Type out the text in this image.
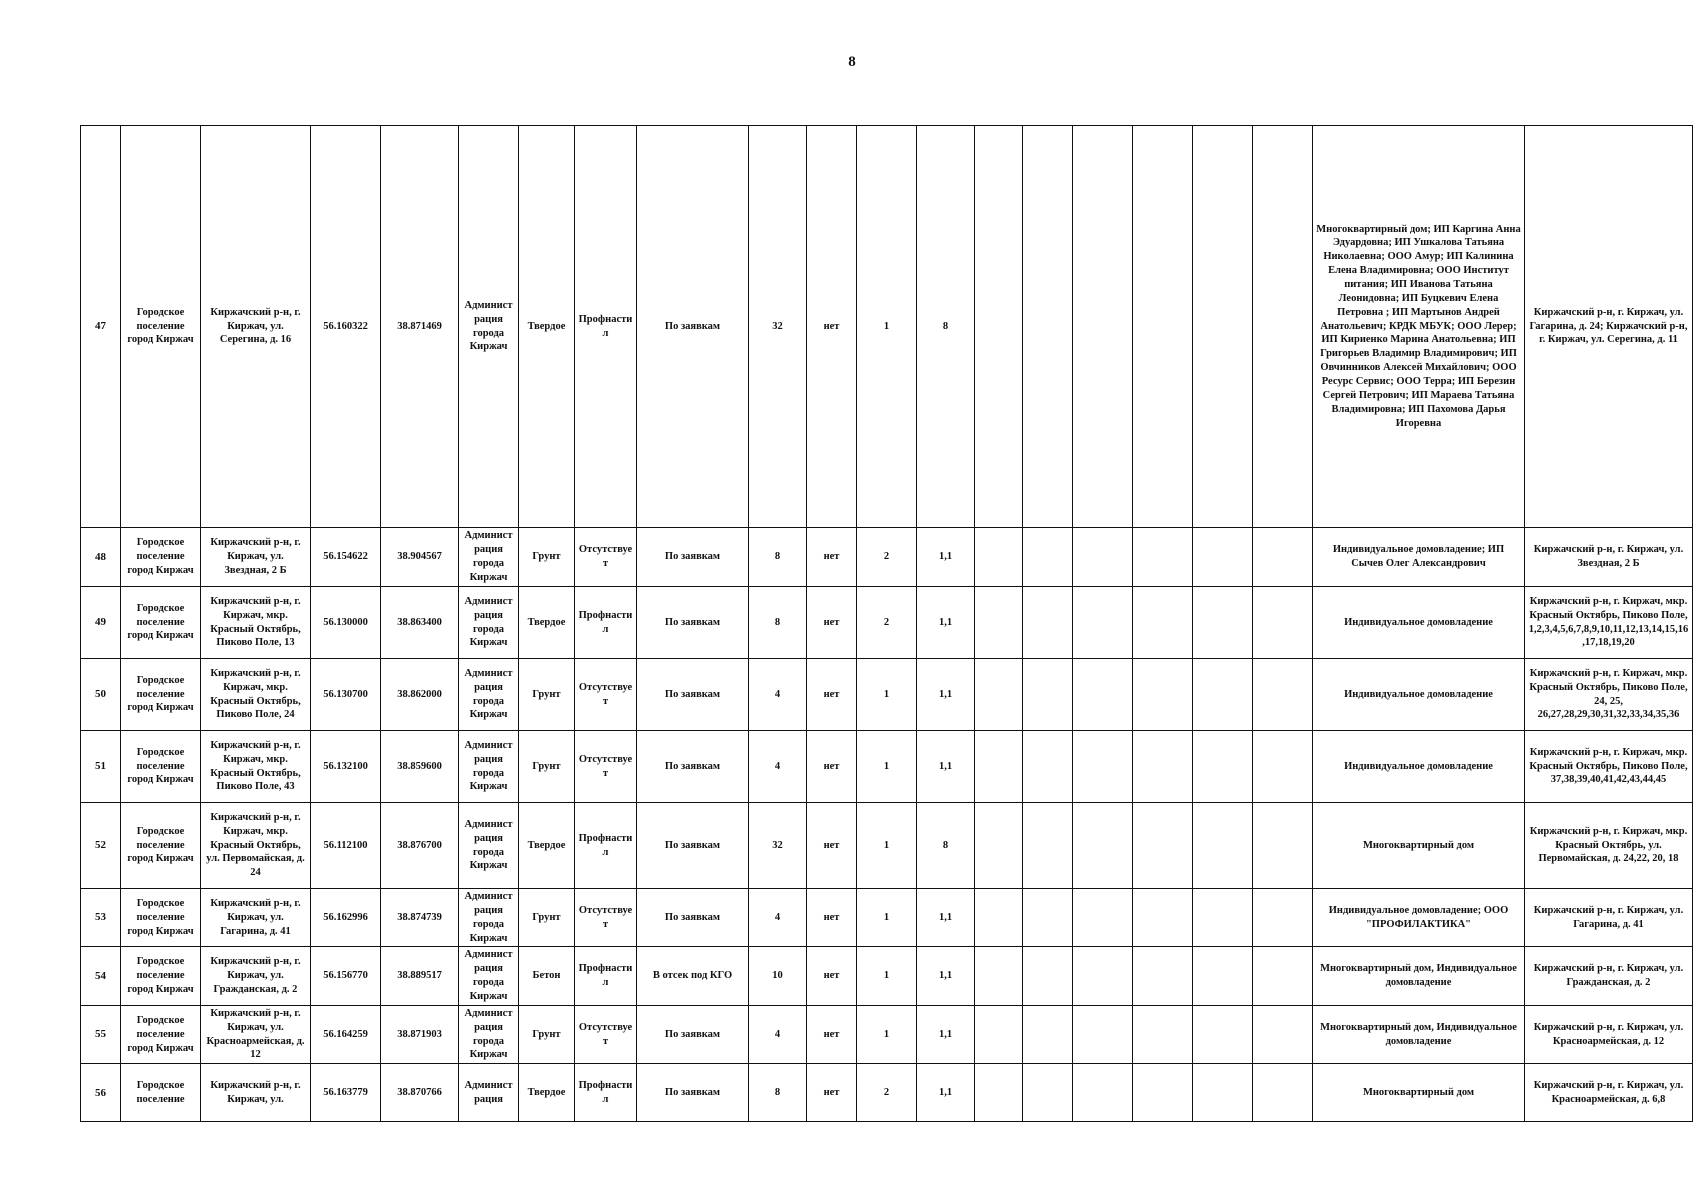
8
47	Городское поселение город Киржач	Киржачский р-н, г. Киржач, ул. Серегина, д. 16	56.160322	38.871469	Администрация города Киржач	Твердое	Профнастил	По заявкам	32	нет	1	8							Многоквартирный дом; ИП Каргина Анна Эдуардовна; ИП Ушкалова Татьяна Николаевна; ООО Амур; ИП Калинина Елена Владимировна; ООО Институт питания; ИП Иванова Татьяна Леонидовна; ИП Буцкевич Елена Петровна ; ИП Мартынов Андрей Анатольевич; КРДК МБУК; ООО Лерер; ИП Кириенко Марина Анатольевна; ИП Григорьев Владимир Владимирович; ИП Овчинников Алексей Михайлович; ООО Ресурс Сервис; ООО Терра; ИП Березин Сергей Петрович; ИП Мараева Татьяна Владимировна; ИП Пахомова Дарья Игоревна	Киржачский р-н, г. Киржач, ул. Гагарина, д. 24; Киржачский р-н, г. Киржач, ул. Серегина, д. 11
48	Городское поселение город Киржач	Киржачский р-н, г. Киржач, ул. Звездная, 2 Б	56.154622	38.904567	Администрация города Киржач	Грунт	Отсутствует	По заявкам	8	нет	2	1,1							Индивидуальное домовладение; ИП Сычев Олег Александрович	Киржачский р-н, г. Киржач, ул. Звездная, 2 Б
49	Городское поселение город Киржач	Киржачский р-н, г. Киржач, мкр. Красный Октябрь, Пиково Поле, 13	56.130000	38.863400	Администрация города Киржач	Твердое	Профнастил	По заявкам	8	нет	2	1,1							Индивидуальное домовладение	Киржачский р-н, г. Киржач, мкр. Красный Октябрь, Пиково Поле, 1,2,3,4,5,6,7,8,9,10,11,12,13,14,15,16,17,18,19,20
50	Городское поселение город Киржач	Киржачский р-н, г. Киржач, мкр. Красный Октябрь, Пиково Поле, 24	56.130700	38.862000	Администрация города Киржач	Грунт	Отсутствует	По заявкам	4	нет	1	1,1							Индивидуальное домовладение	Киржачский р-н, г. Киржач, мкр. Красный Октябрь, Пиково Поле, 24, 25, 26,27,28,29,30,31,32,33,34,35,36
51	Городское поселение город Киржач	Киржачский р-н, г. Киржач, мкр. Красный Октябрь, Пиково Поле, 43	56.132100	38.859600	Администрация города Киржач	Грунт	Отсутствует	По заявкам	4	нет	1	1,1							Индивидуальное домовладение	Киржачский р-н, г. Киржач, мкр. Красный Октябрь, Пиково Поле, 37,38,39,40,41,42,43,44,45
52	Городское поселение город Киржач	Киржачский р-н, г. Киржач, мкр. Красный Октябрь, ул. Первомайская, д. 24	56.112100	38.876700	Администрация города Киржач	Твердое	Профнастил	По заявкам	32	нет	1	8							Многоквартирный дом	Киржачский р-н, г. Киржач, мкр. Красный Октябрь, ул. Первомайская, д. 24,22, 20, 18
53	Городское поселение город Киржач	Киржачский р-н, г. Киржач, ул. Гагарина, д. 41	56.162996	38.874739	Администрация города Киржач	Грунт	Отсутствует	По заявкам	4	нет	1	1,1							Индивидуальное домовладение; ООО "ПРОФИЛАКТИКА"	Киржачский р-н, г. Киржач, ул. Гагарина, д. 41
54	Городское поселение город Киржач	Киржачский р-н, г. Киржач, ул. Гражданская, д. 2	56.156770	38.889517	Администрация города Киржач	Бетон	Профнастил	В отсек под КГО	10	нет	1	1,1							Многоквартирный дом, Индивидуальное домовладение	Киржачский р-н, г. Киржач, ул. Гражданская, д. 2
55	Городское поселение город Киржач	Киржачский р-н, г. Киржач, ул. Красноармейская, д. 12	56.164259	38.871903	Администрация города Киржач	Грунт	Отсутствует	По заявкам	4	нет	1	1,1							Многоквартирный дом, Индивидуальное домовладение	Киржачский р-н, г. Киржач, ул. Красноармейская, д. 12
56	Городское поселение	Киржачский р-н, г. Киржач, ул.	56.163779	38.870766	Администрация	Твердое	Профнастил	По заявкам	8	нет	2	1,1							Многоквартирный дом	Киржачский р-н, г. Киржач, ул. Красноармейская, д. 6,8
